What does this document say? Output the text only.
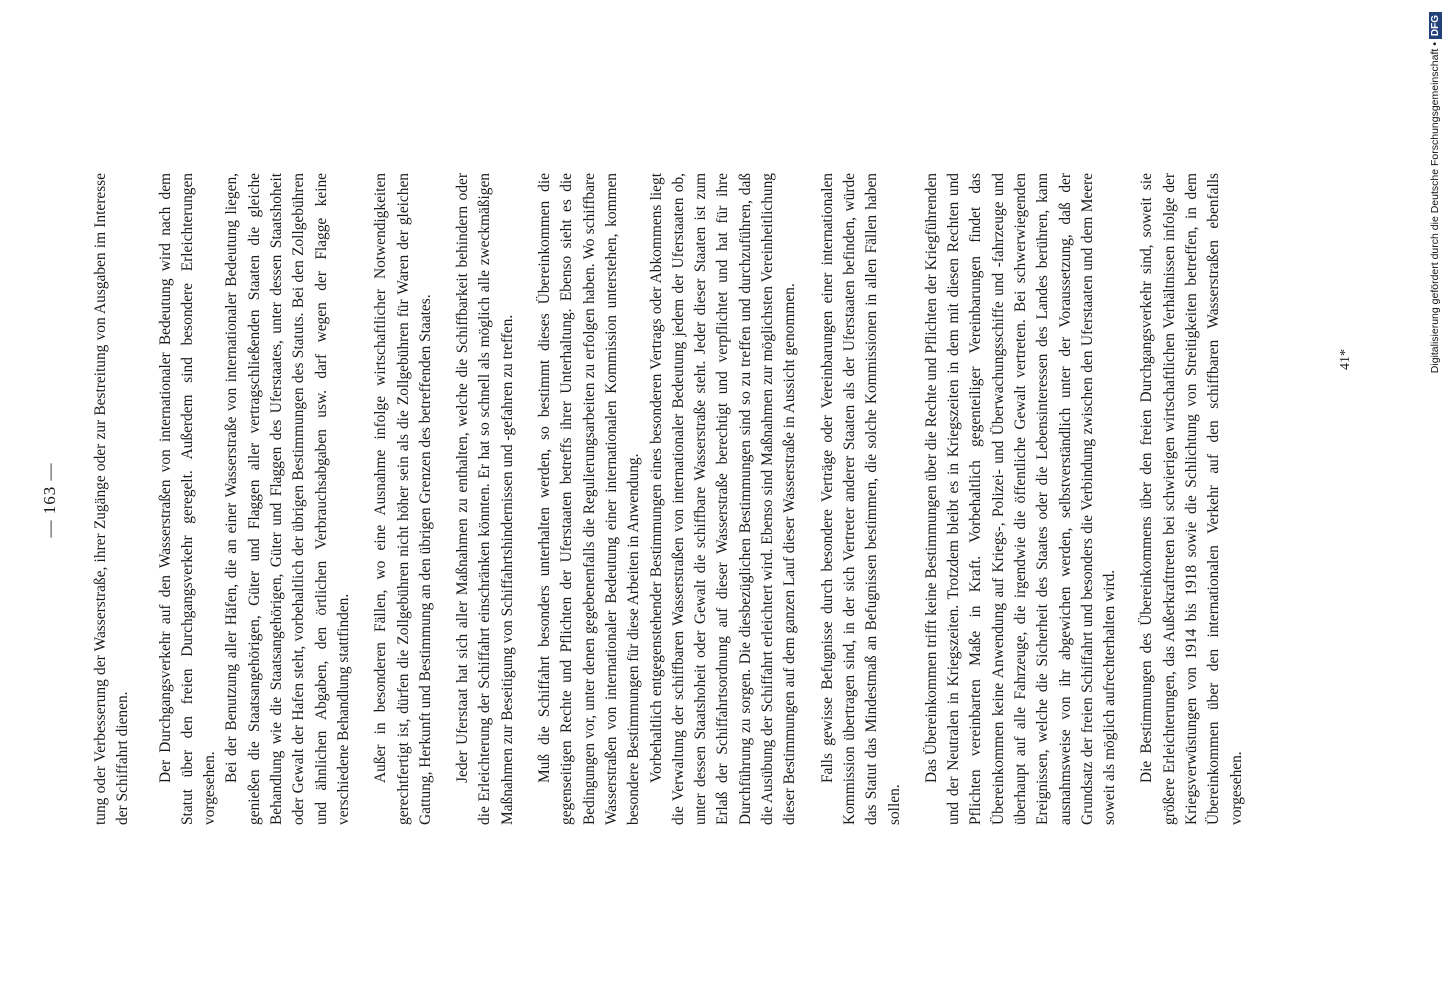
— 163 — tung oder Verbesserung der Wasserstraße, ihrer Zugänge oder zur Bestreitung von Ausgaben im Interesse der Schiffahrt dienen. Der Durchgangsverkehr auf den Wasserstraßen von internationaler Bedeutung wird nach dem Statut über den freien Durchgangsverkehr geregelt. Außerdem sind besondere Erleichterungen vorgesehen.

Bei der Benutzung aller Häfen, die an einer Wasserstraße von internationaler Bedeutung liegen, genießen die Staatsangehörigen, Güter und Flaggen aller vertragschließenden Staaten die gleiche Behandlung wie die Staatsangehörigen, Güter und Flaggen des Uferstaates, unter dessen Staatshoheit oder Gewalt der Hafen steht, vorbehaltlich der übrigen Bestimmungen des Statuts. Bei den Zollgebühren und ähnlichen Abgaben, den örtlichen Verbrauchsabgaben usw. darf wegen der Flagge keine verschiedene Behandlung stattfinden. Außer in besonderen Fällen, wo eine Ausnahme infolge wirtschaftlicher Notwendigkeiten gerechtfertigt ist, dürfen die Zollgebühren nicht höher sein als die Zollgebühren für Waren der gleichen Gattung, Herkunft und Bestimmung an den übrigen Grenzen des betreffenden Staates. Jeder Uferstaat hat sich aller Maßnahmen zu enthalten, welche die Schiffbarkeit behindern oder die Erleichterung der Schiffahrt einschränken könnten. Er hat so schnell als möglich alle zweckmäßigen Maßnahmen zur Beseitigung von Schiffahrtshindernissen und -gefahren zu treffen. Muß die Schiffahrt besonders unterhalten werden, so bestimmt dieses Übereinkommen die gegenseitigen Rechte und Pflichten der Uferstaaten betreffs ihrer Unterhaltung. Ebenso sieht es die Bedingungen vor, unter denen gegebenenfalls die Regulierungsarbeiten zu erfolgen haben. Wo schiffbare Wasserstraßen von internationaler Bedeutung einer internationalen Kommission unterstehen, kommen besondere Bestimmungen für diese Arbeiten in Anwendung. Vorbehaltlich entgegenstehender Bestimmungen eines besonderen Vertrags oder Abkommens liegt die Verwaltung der schiffbaren Wasserstraßen von internationaler Bedeutung jedem der Uferstaaten ob, unter dessen Staatshoheit oder Gewalt die schiffbare Wasserstraße steht. Jeder dieser Staaten ist zum Erlaß der Schiffahrtsordnung auf dieser Wasserstraße berechtigt und verpflichtet und hat für ihre Durchführung zu sorgen. Die diesbezüglichen Bestimmungen sind so zu treffen und durchzuführen, daß die Ausübung der Schiffahrt erleichtert wird. Ebenso sind Maßnahmen zur möglichsten Vereinheitlichung dieser Bestimmungen auf dem ganzen Lauf dieser Wasserstraße in Aussicht genommen. Falls gewisse Befugnisse durch besondere Verträge oder Vereinbarungen einer internationalen Kommission übertragen sind, in der sich Vertreter anderer Staaten als der Uferstaaten befinden, würde das Statut das Mindestmaß an Befugnissen bestimmen, die solche Kommissionen in allen Fällen haben sollen.

Das Übereinkommen trifft keine Bestimmungen über die Rechte und Pflichten der Kriegführenden und der Neutralen in Kriegszeiten. Trotzdem bleibt es in Kriegszeiten in dem mit diesen Rechten und Pflichten vereinbarten Maße in Kraft. Vorbehaltlich gegenteiliger Vereinbarungen findet das Übereinkommen keine Anwendung auf Kriegs-, Polizei- und Überwachungsschiffe und -fahrzeuge und überhaupt auf alle Fahrzeuge, die irgendwie die öffentliche Gewalt vertreten. Bei schwerwiegenden Ereignissen, welche die Sicherheit des Staates oder die Lebensinteressen des Landes berühren, kann ausnahmsweise von ihr abgewichen werden, selbstverständlich unter der Voraussetzung, daß der Grundsatz der freien Schiffahrt und besonders die Verbindung zwischen den Uferstaaten und dem Meere soweit als möglich aufrechterhalten wird. Die Bestimmungen des Übereinkommens über den freien Durchgangsverkehr sind, soweit sie größere Erleichterungen, das Außerkrafttreten bei schwierigen wirtschaftlichen Verhältnissen infolge der Kriegsverwüstungen von 1914 bis 1918 sowie die Schlichtung von Streitigkeiten betreffen, in dem Übereinkommen über den internationalen Verkehr auf den schiffbaren Wasserstraßen ebenfalls vorgesehen.

41*	Digitalisierung gefördert durch die Deutsche Forschungsgemeinschaft
•
DFG
